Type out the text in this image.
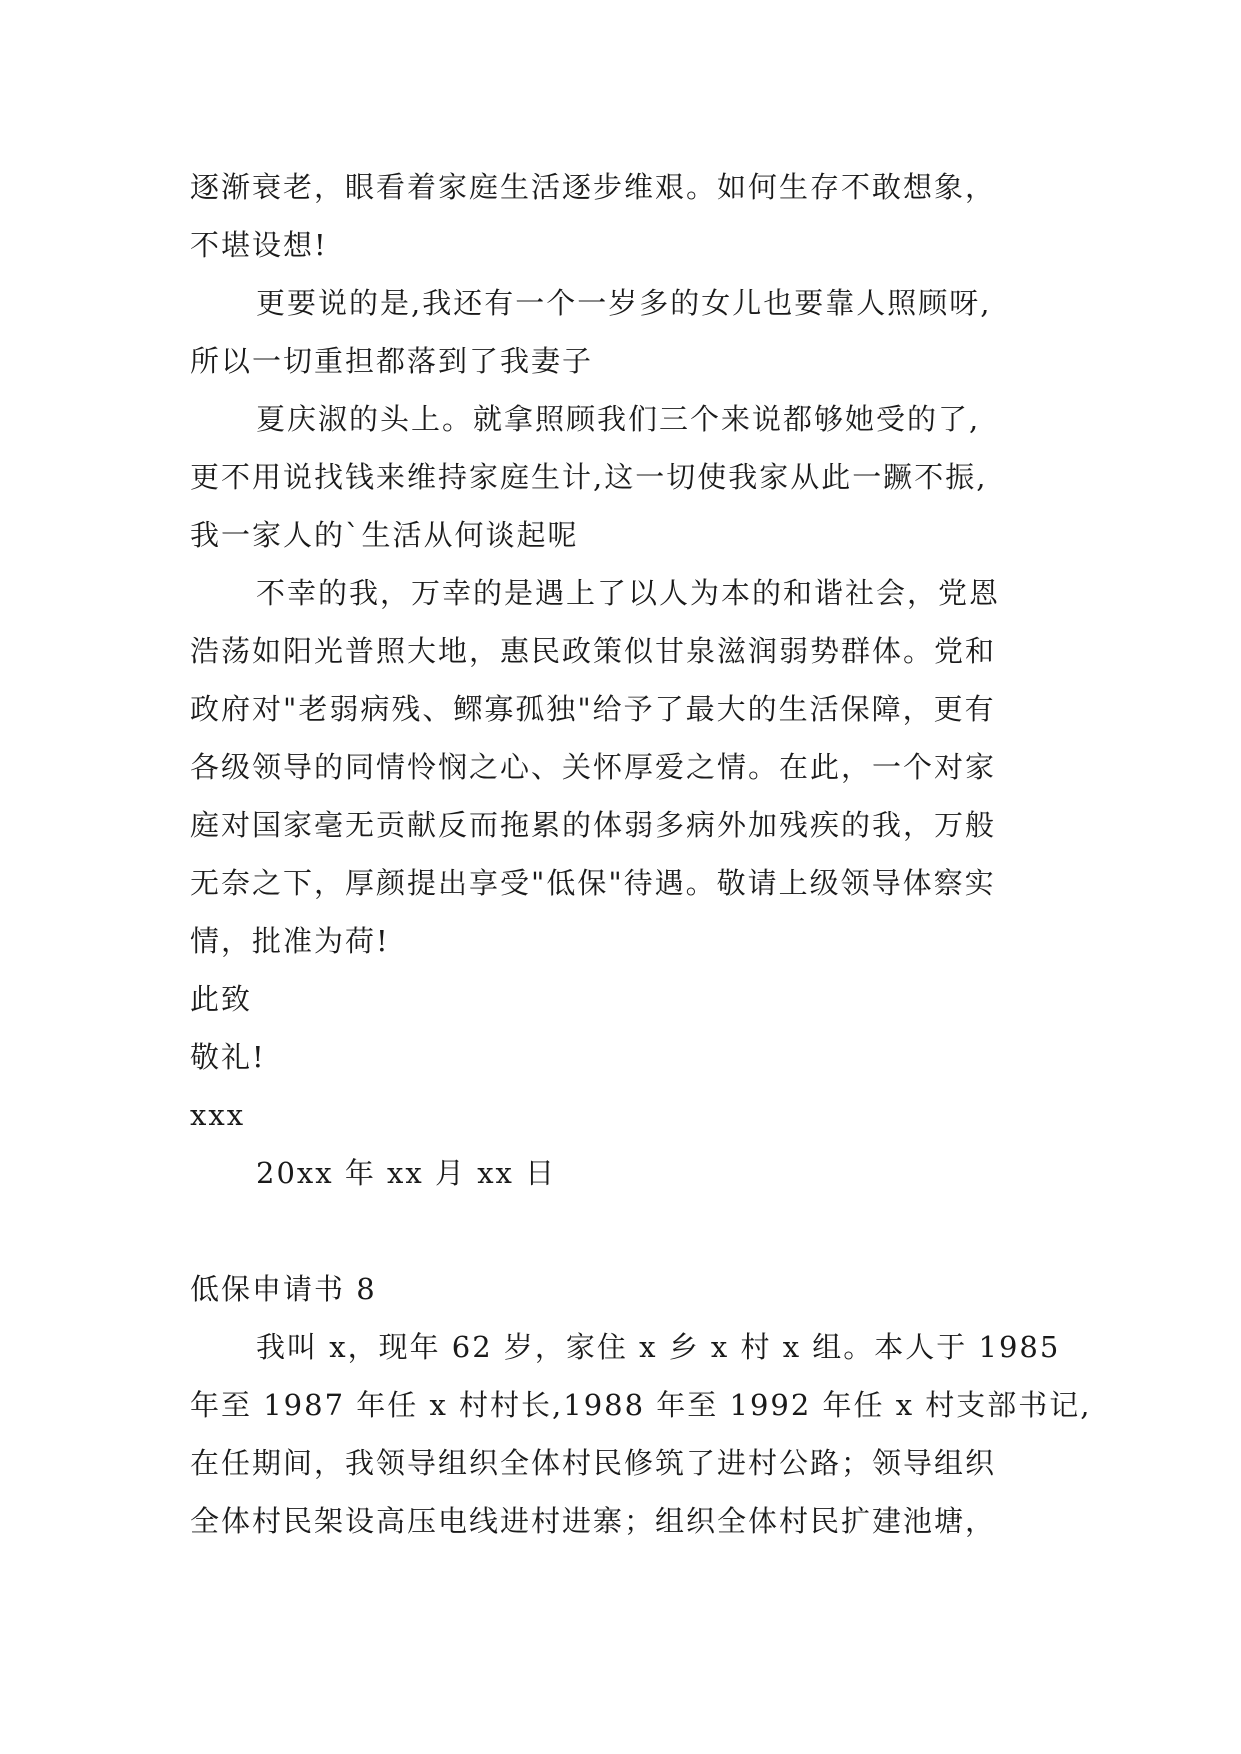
逐渐衰老，眼看着家庭生活逐步维艰。如何生存不敢想象，
不堪设想!
更要说的是,我还有一个一岁多的女儿也要靠人照顾呀,
所以一切重担都落到了我妻子
夏庆淑的头上。就拿照顾我们三个来说都够她受的了,
更不用说找钱来维持家庭生计,这一切使我家从此一蹶不振,
我一家人的`生活从何谈起呢
不幸的我，万幸的是遇上了以人为本的和谐社会，党恩
浩荡如阳光普照大地，惠民政策似甘泉滋润弱势群体。党和
政府对"老弱病残、鳏寡孤独"给予了最大的生活保障，更有
各级领导的同情怜悯之心、关怀厚爱之情。在此，一个对家
庭对国家毫无贡献反而拖累的体弱多病外加残疾的我，万般
无奈之下，厚颜提出享受"低保"待遇。敬请上级领导体察实
情，批准为荷!
此致
敬礼!
xxx
20xx 年 xx 月 xx 日
低保申请书 8
我叫 x，现年 62 岁，家住 x 乡 x 村 x 组。本人于 1985
年至 1987 年任 x 村村长,1988 年至 1992 年任 x 村支部书记,
在任期间，我领导组织全体村民修筑了进村公路；领导组织
全体村民架设高压电线进村进寨；组织全体村民扩建池塘，
